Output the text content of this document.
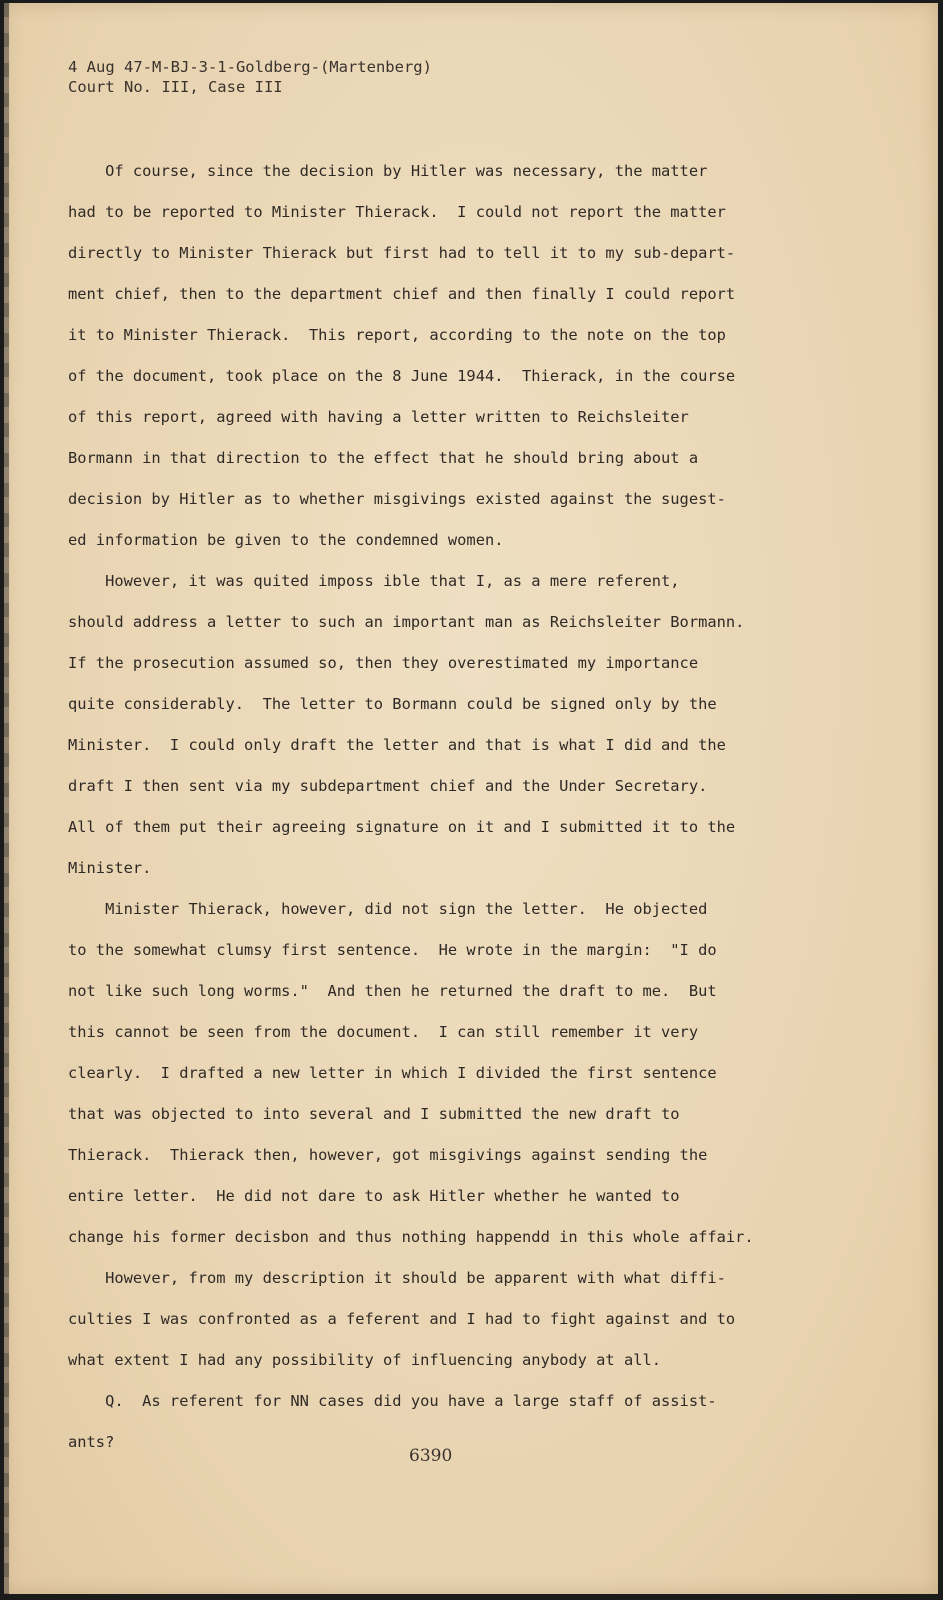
4 Aug 47-M-BJ-3-1-Goldberg-(Martenberg)
Court No. III, Case III
Of course, since the decision by Hitler was necessary, the matter
had to be reported to Minister Thierack.  I could not report the matter
directly to Minister Thierack but first had to tell it to my sub-depart-
ment chief, then to the department chief and then finally I could report
it to Minister Thierack.  This report, according to the note on the top
of the document, took place on the 8 June 1944.  Thierack, in the course
of this report, agreed with having a letter written to Reichsleiter
Bormann in that direction to the effect that he should bring about a
decision by Hitler as to whether misgivings existed against the sugest-
ed information be given to the condemned women.
However, it was quited imposs ible that I, as a mere referent,
should address a letter to such an important man as Reichsleiter Bormann.
If the prosecution assumed so, then they overestimated my importance
quite considerably.  The letter to Bormann could be signed only by the
Minister.  I could only draft the letter and that is what I did and the
draft I then sent via my subdepartment chief and the Under Secretary.
All of them put their agreeing signature on it and I submitted it to the
Minister.
Minister Thierack, however, did not sign the letter.  He objected
to the somewhat clumsy first sentence.  He wrote in the margin:  "I do
not like such long worms."  And then he returned the draft to me.  But
this cannot be seen from the document.  I can still remember it very
clearly.  I drafted a new letter in which I divided the first sentence
that was objected to into several and I submitted the new draft to
Thierack.  Thierack then, however, got misgivings against sending the
entire letter.  He did not dare to ask Hitler whether he wanted to
change his former decisbon and thus nothing happendd in this whole affair.
However, from my description it should be apparent with what diffi-
culties I was confronted as a feferent and I had to fight against and to
what extent I had any possibility of influencing anybody at all.
Q.  As referent for NN cases did you have a large staff of assist-
ants?
6390
